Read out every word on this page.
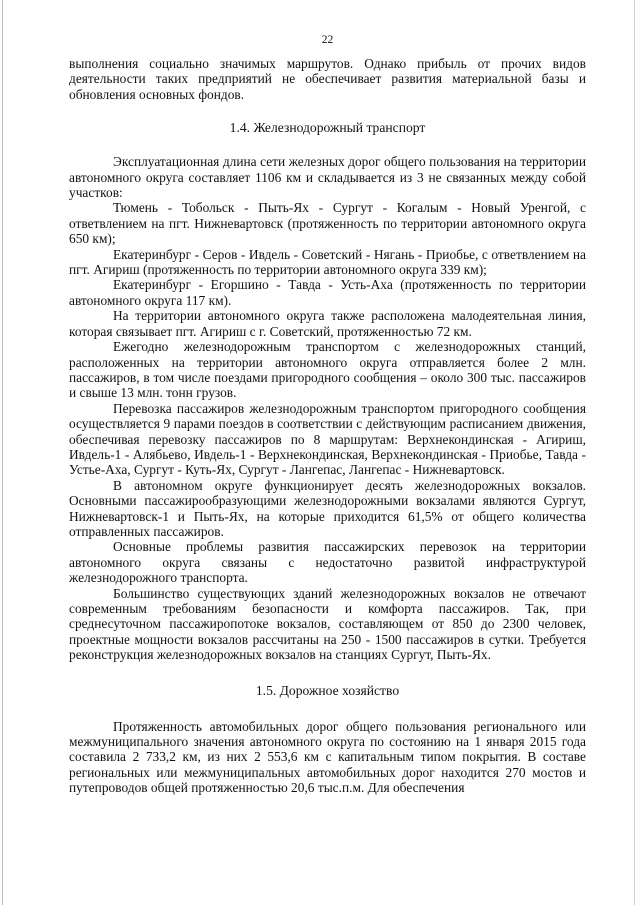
22

выполнения социально значимых маршрутов. Однако прибыль от прочих видов деятельности таких предприятий не обеспечивает развития материальной базы и обновления основных фондов.

1.4. Железнодорожный транспорт

Эксплуатационная длина сети железных дорог общего пользования на территории автономного округа составляет 1106 км и складывается из 3 не связанных между собой участков:

Тюмень - Тобольск - Пыть-Ях - Сургут - Когалым - Новый Уренгой, с ответвлением на пгт. Нижневартовск (протяженность по территории автономного округа 650 км);

Екатеринбург - Серов - Ивдель - Советский - Нягань - Приобье, с ответвлением на пгт. Агириш (протяженность по территории автономного округа 339 км);

Екатеринбург - Егоршино - Тавда - Усть-Аха (протяженность по территории автономного округа 117 км).

На территории автономного округа также расположена малодеятельная линия, которая связывает пгт. Агириш с г. Советский, протяженностью 72 км.

Ежегодно железнодорожным транспортом с железнодорожных станций, расположенных на территории автономного округа отправляется более 2 млн. пассажиров, в том числе поездами пригородного сообщения – около 300 тыс. пассажиров и свыше 13 млн. тонн грузов.

Перевозка пассажиров железнодорожным транспортом пригородного сообщения осуществляется 9 парами поездов в соответствии с действующим расписанием движения, обеспечивая перевозку пассажиров по 8 маршрутам: Верхнекондинская - Агириш, Ивдель-1 - Алябьево, Ивдель-1 - Верхнекондинская, Верхнекондинская - Приобье, Тавда - Устье-Аха, Сургут - Куть-Ях, Сургут - Лангепас, Лангепас - Нижневартовск.

В автономном округе функционирует десять железнодорожных вокзалов. Основными пассажирообразующими железнодорожными вокзалами являются Сургут, Нижневартовск-1 и Пыть-Ях, на которые приходится 61,5% от общего количества отправленных пассажиров.

Основные проблемы развития пассажирских перевозок на территории автономного округа связаны с недостаточно развитой инфраструктурой железнодорожного транспорта.

Большинство существующих зданий железнодорожных вокзалов не отвечают современным требованиям безопасности и комфорта пассажиров. Так, при среднесуточном пассажиропотоке вокзалов, составляющем от 850 до 2300 человек, проектные мощности вокзалов рассчитаны на 250 - 1500 пассажиров в сутки. Требуется реконструкция железнодорожных вокзалов на станциях Сургут, Пыть-Ях.

1.5. Дорожное хозяйство

Протяженность автомобильных дорог общего пользования регионального или межмуниципального значения автономного округа по состоянию на 1 января 2015 года составила 2 733,2 км, из них 2 553,6 км с капитальным типом покрытия. В составе региональных или межмуниципальных автомобильных дорог находится 270 мостов и путепроводов общей протяженностью 20,6 тыс.п.м. Для обеспечения
